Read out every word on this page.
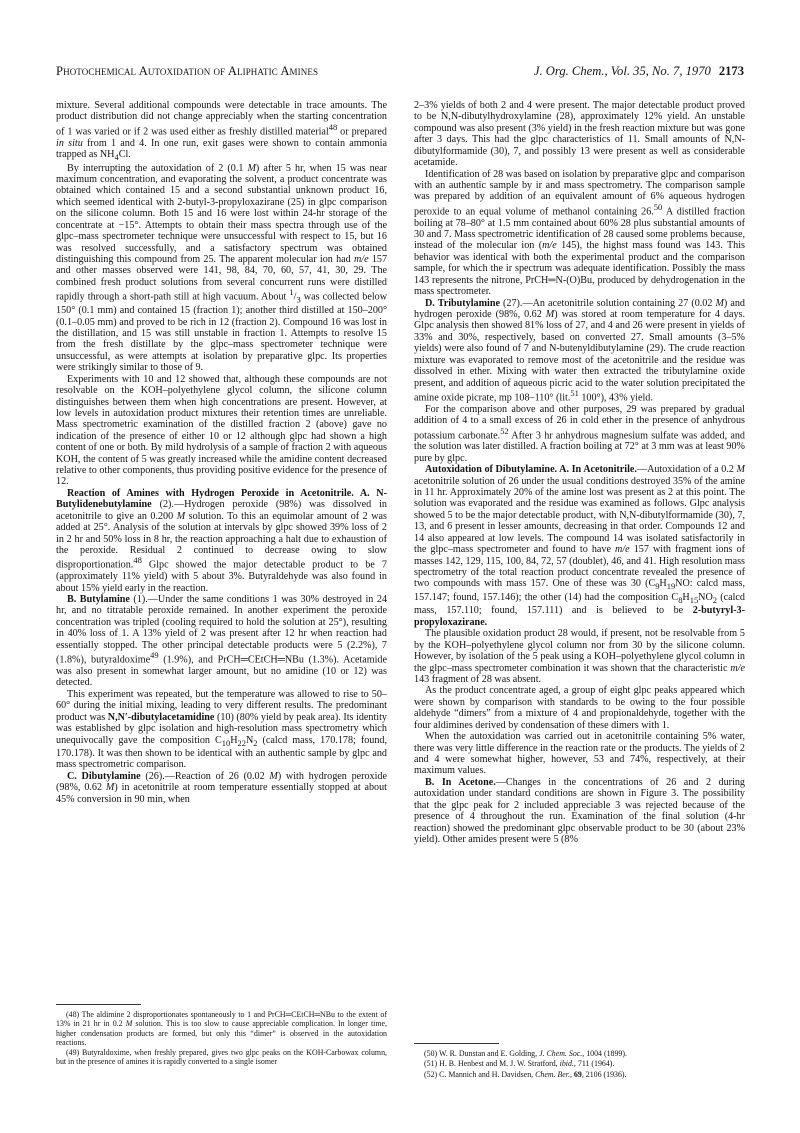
Photochemical Autoxidation of Aliphatic Amines	J. Org. Chem., Vol. 35, No. 7, 1970 2173

mixture. Several additional compounds were detectable in trace amounts. The product distribution did not change appreciably when the starting concentration of 1 was varied or if 2 was used either as freshly distilled material$^{48}$ or prepared in situ from 1 and 4. In one run, exit gases were shown to contain ammonia trapped as $NH_4Cl$.

By interrupting the autoxidation of 2 (0.1 M) after 5 hr, when 15 was near maximum concentration, and evaporating the solvent, a product concentrate was obtained which contained 15 and a second substantial unknown product 16, which seemed identical with 2-butyl-3-propyloxazirane (25) in glpc comparison on the silicone column. Both 15 and 16 were lost within 24-hr storage of the concentrate at −15°. Attempts to obtain their mass spectra through use of the glpc–mass spectrometer technique were unsuccessful with respect to 15, but 16 was resolved successfully, and a satisfactory spectrum was obtained distinguishing this compound from 25. The apparent molecular ion had m/e 157 and other masses observed were 141, 98, 84, 70, 60, 57, 41, 30, 29. The combined fresh product solutions from several concurrent runs were distilled rapidly through a short-path still at high vacuum. About $^1/_3$ was collected below 150° (0.1 mm) and contained 15 (fraction 1); another third distilled at 150–200° (0.1–0.05 mm) and proved to be rich in 12 (fraction 2). Compound 16 was lost in the distillation, and 15 was still unstable in fraction 1. Attempts to resolve 15 from the fresh distillate by the glpc–mass spectrometer technique were unsuccessful, as were attempts at isolation by preparative glpc. Its properties were strikingly similar to those of 9.

Experiments with 10 and 12 showed that, although these compounds are not resolvable on the KOH–polyethylene glycol column, the silicone column distinguishes between them when high concentrations are present. However, at low levels in autoxidation product mixtures their retention times are unreliable. Mass spectrometric examination of the distilled fraction 2 (above) gave no indication of the presence of either 10 or 12 although glpc had shown a high content of one or both. By mild hydrolysis of a sample of fraction 2 with aqueous KOH, the content of 5 was greatly increased while the amidine content decreased relative to other components, thus providing positive evidence for the presence of 12.

Reaction of Amines with Hydrogen Peroxide in Acetonitrile. A. N-Butylidenebutylamine (2).—Hydrogen peroxide (98%) was dissolved in acetonitrile to give an 0.200 M solution. To this an equimolar amount of 2 was added at 25°. Analysis of the solution at intervals by glpc showed 39% loss of 2 in 2 hr and 50% loss in 8 hr, the reaction approaching a halt due to exhaustion of the peroxide. Residual 2 continued to decrease owing to slow disproportionation.$^{48}$ Glpc showed the major detectable product to be 7 (approximately 11% yield) with 5 about 3%. Butyraldehyde was also found in about 15% yield early in the reaction.

B. Butylamine (1).—Under the same conditions 1 was 30% destroyed in 24 hr, and no titratable peroxide remained. In another experiment the peroxide concentration was tripled (cooling required to hold the solution at 25°), resulting in 40% loss of 1. A 13% yield of 2 was present after 12 hr when reaction had essentially stopped. The other principal detectable products were 5 (2.2%), 7 (1.8%), butyraldoxime$^{49}$ (1.9%), and PrCH═CEtCH═NBu (1.3%). Acetamide was also present in somewhat larger amount, but no amidine (10 or 12) was detected.

This experiment was repeated, but the temperature was allowed to rise to 50–60° during the initial mixing, leading to very different results. The predominant product was N,N′-dibutylacetamidine (10) (80% yield by peak area). Its identity was established by glpc isolation and high-resolution mass spectrometry which unequivocally gave the composition $C_{10}H_{22}N_2$ (calcd mass, 170.178; found, 170.178). It was then shown to be identical with an authentic sample by glpc and mass spectrometric comparison.

C. Dibutylamine (26).—Reaction of 26 (0.02 M) with hydrogen peroxide (98%, 0.62 M) in acetonitrile at room temperature essentially stopped at about 45% conversion in 90 min, when

2–3% yields of both 2 and 4 were present. The major detectable product proved to be N,N-dibutylhydroxylamine (28), approximately 12% yield. An unstable compound was also present (3% yield) in the fresh reaction mixture but was gone after 3 days. This had the glpc characteristics of 11. Small amounts of N,N-dibutylformamide (30), 7, and possibly 13 were present as well as considerable acetamide.

Identification of 28 was based on isolation by preparative glpc and comparison with an authentic sample by ir and mass spectrometry. The comparison sample was prepared by addition of an equivalent amount of 6% aqueous hydrogen peroxide to an equal volume of methanol containing 26.50 A distilled fraction boiling at 78–80° at 1.5 mm contained about 60% 28 plus substantial amounts of 30 and 7. Mass spectrometric identification of 28 caused some problems because, instead of the molecular ion (m/e 145), the highst mass found was 143. This behavior was identical with both the experimental product and the comparison sample, for which the ir spectrum was adequate identification. Possibly the mass 143 represents the nitrone, PrCH═N-(O)Bu, produced by dehydrogenation in the mass spectrometer.

D. Tributylamine (27).—An acetonitrile solution containing 27 (0.02 M) and hydrogen peroxide (98%, 0.62 M) was stored at room temperature for 4 days. Glpc analysis then showed 81% loss of 27, and 4 and 26 were present in yields of 33% and 30%, respectively, based on converted 27. Small amounts (3–5% yields) were also found of 7 and N-butenyldibutylamine (29). The crude reaction mixture was evaporated to remove most of the acetonitrile and the residue was dissolved in ether. Mixing with water then extracted the tributylamine oxide present, and addition of aqueous picric acid to the water solution precipitated the amine oxide picrate, mp 108–110° (lit.$^{51}$ 100°), 43% yield.

For the comparison above and other purposes, 29 was prepared by gradual addition of 4 to a small excess of 26 in cold ether in the presence of anhydrous potassium carbonate.$^{52}$ After 3 hr anhydrous magnesium sulfate was added, and the solution was later distilled. A fraction boiling at 72° at 3 mm was at least 90% pure by glpc.

Autoxidation of Dibutylamine. A. In Acetonitrile.—Autoxidation of a 0.2 M acetonitrile solution of 26 under the usual conditions destroyed 35% of the amine in 11 hr. Approximately 20% of the amine lost was present as 2 at this point. The solution was evaporated and the residue was examined as follows. Glpc analysis showed 5 to be the major detectable product, with N,N-dibutylformamide (30), 7, 13, and 6 present in lesser amounts, decreasing in that order. Compounds 12 and 14 also appeared at low levels. The compound 14 was isolated satisfactorily in the glpc–mass spectrometer and found to have m/e 157 with fragment ions of masses 142, 129, 115, 100, 84, 72, 57 (doublet), 46, and 41. High resolution mass spectrometry of the total reaction product concentrate revealed the presence of two compounds with mass 157. One of these was 30 ($C_9H_{19}NO$: calcd mass, 157.147; found, 157.146); the other (14) had the composition $C_8H_{15}NO_2$ (calcd mass, 157.110; found, 157.111) and is believed to be 2-butyryl-3-propyloxazirane.

The plausible oxidation product 28 would, if present, not be resolvable from 5 by the KOH–polyethylene glycol column nor from 30 by the silicone column. However, by isolation of the 5 peak using a KOH–polyethylene glycol column in the glpc–mass spectrometer combination it was shown that the characteristic m/e 143 fragment of 28 was absent.

As the product concentrate aged, a group of eight glpc peaks appeared which were shown by comparison with standards to be owing to the four possible aldehyde “dimers” from a mixture of 4 and propionaldehyde, together with the four aldimines derived by condensation of these dimers with 1.

When the autoxidation was carried out in acetonitrile containing 5% water, there was very little difference in the reaction rate or the products. The yields of 2 and 4 were somewhat higher, however, 53 and 74%, respectively, at their maximum values.

B. In Acetone.—Changes in the concentrations of 26 and 2 during autoxidation under standard conditions are shown in Figure 3. The possibility that the glpc peak for 2 included appreciable 3 was rejected because of the presence of 4 throughout the run. Examination of the final solution (4-hr reaction) showed the predominant glpc observable product to be 30 (about 23% yield). Other amides present were 5 (8%

(48) The aldimine 2 disproportionates spontaneously to 1 and PrCH═CEtCH═NBu to the extent of 13% in 21 hr in 0.2 M solution. This is too slow to cause appreciable complication. In longer time, higher condensation products are formed, but only this “dimer” is observed in the autoxidation reactions.

(49) Butyraldoxime, when freshly prepared, gives two glpc peaks on the KOH-Carbowax column, but in the presence of amines it is rapidly converted to a single isomer

(50) W. R. Dunstan and E. Golding, J. Chem. Soc., 1004 (1899).

(51) H. B. Henbest and M. J. W. Stratford, ibid., 711 (1964).

(52) C. Mannich and H. Davidsen, Chem. Ber., 69, 2106 (1936).
